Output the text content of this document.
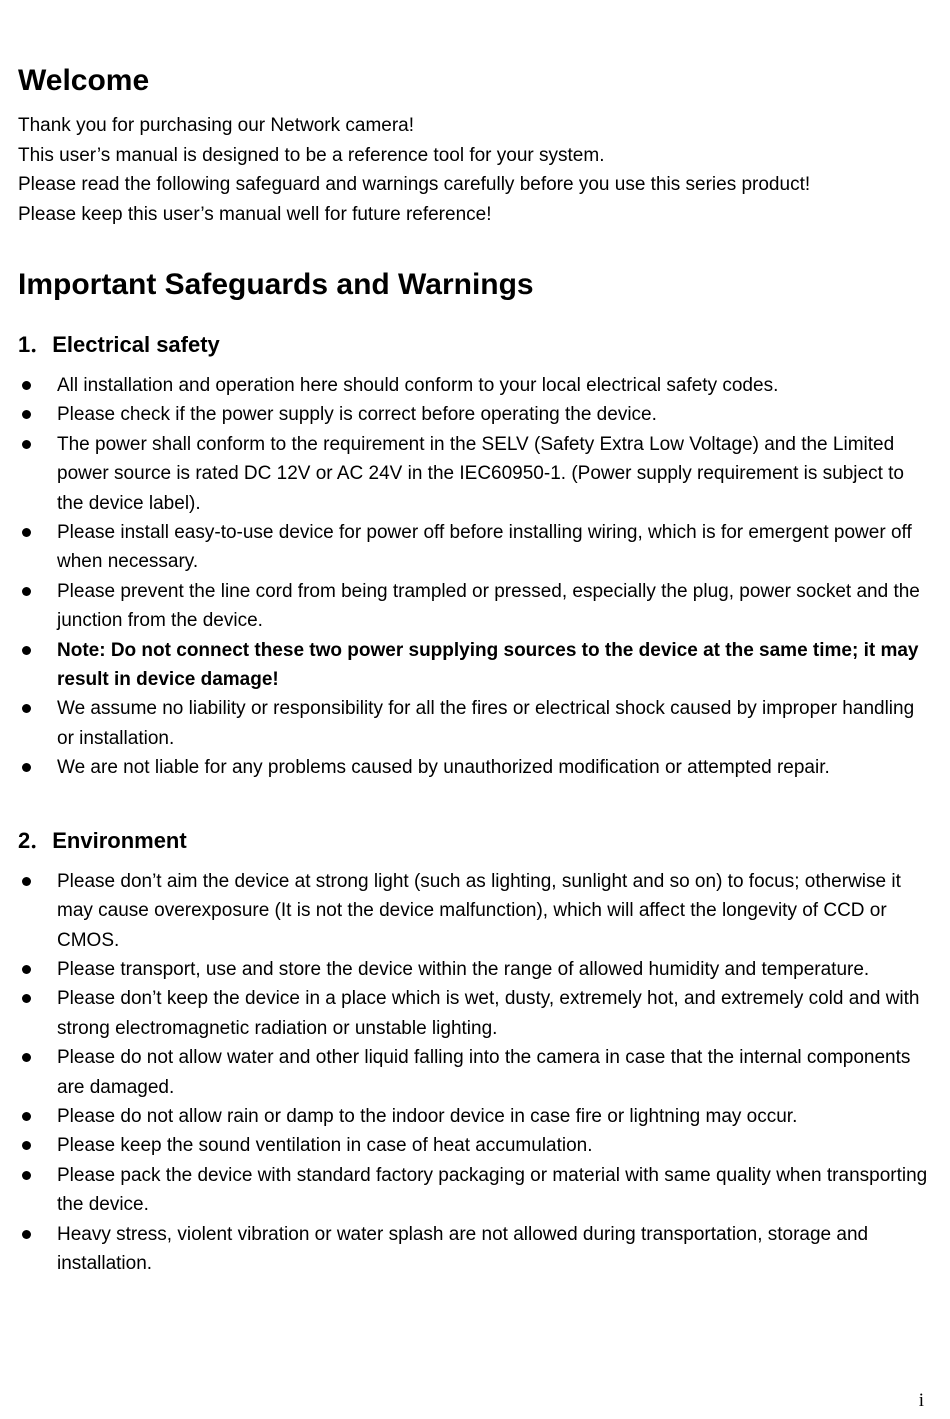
Welcome

Thank you for purchasing our Network camera!

This user’s manual is designed to be a reference tool for your system.

Please read the following safeguard and warnings carefully before you use this series product!

Please keep this user’s manual well for future reference!

Important Safeguards and Warnings
1．Electrical safety
All installation and operation here should conform to your local electrical safety codes.
Please check if the power supply is correct before operating the device.
The power shall conform to the requirement in the SELV (Safety Extra Low Voltage) and the Limited power source is rated DC 12V or AC 24V in the IEC60950-1. (Power supply requirement is subject to the device label).
Please install easy-to-use device for power off before installing wiring, which is for emergent power off when necessary.
Please prevent the line cord from being trampled or pressed, especially the plug, power socket and the junction from the device.
Note: Do not connect these two power supplying sources to the device at the same time; it may result in device damage!
We assume no liability or responsibility for all the fires or electrical shock caused by improper handling or installation.
We are not liable for any problems caused by unauthorized modification or attempted repair.
2．Environment
Please don’t aim the device at strong light (such as lighting, sunlight and so on) to focus; otherwise it may cause overexposure (It is not the device malfunction), which will affect the longevity of CCD or CMOS.
Please transport, use and store the device within the range of allowed humidity and temperature.
Please don’t keep the device in a place which is wet, dusty, extremely hot, and extremely cold and with strong electromagnetic radiation or unstable lighting.
Please do not allow water and other liquid falling into the camera in case that the internal components are damaged.
Please do not allow rain or damp to the indoor device in case fire or lightning may occur.
Please keep the sound ventilation in case of heat accumulation.
Please pack the device with standard factory packaging or material with same quality when transporting the device.
Heavy stress, violent vibration or water splash are not allowed during transportation, storage and installation.
i
